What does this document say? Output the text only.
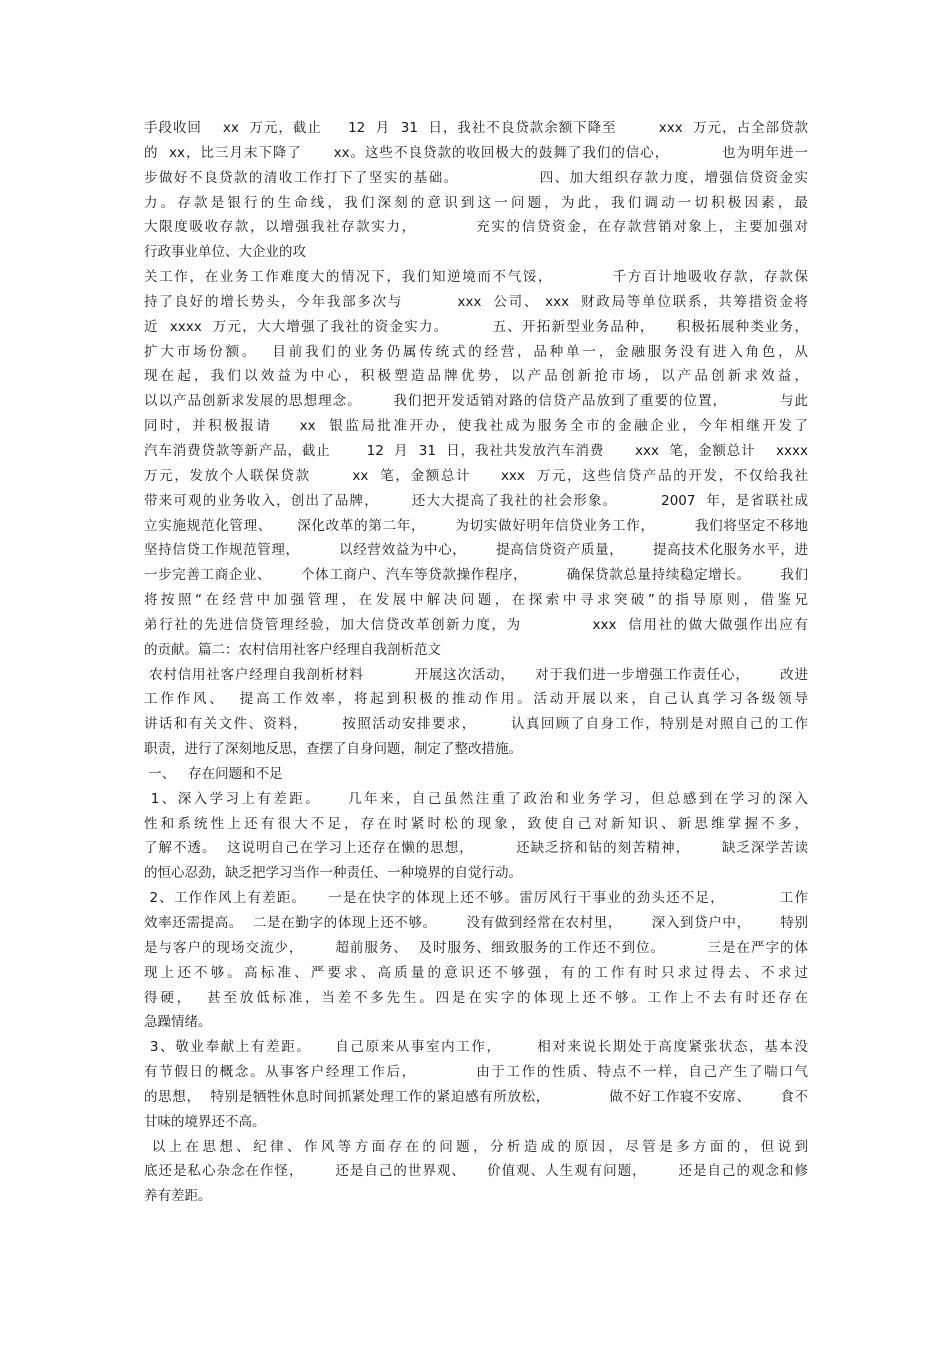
手段收回    xx  万元，截止     12  月  31  日，我社不良贷款余额下降至        xxx  万元，占全部贷款
的  xx，比三月末下降了      xx。这些不良贷款的收回极大的鼓舞了我们的信心，          也为明年进一
步做好不良贷款的清收工作打下了坚实的基础。              四、加大组织存款力度，增强信贷资金实
力。存款是银行的生命线，我们深刻的意识到这一问题，为此，我们调动一切积极因素，最
大限度吸收存款，以增强我社存款实力，          充实的信贷资金，在存款营销对象上，主要加强对
行政事业单位、大企业的攻
关工作，在业务工作难度大的情况下，我们知逆境而不气馁，          千方百计地吸收存款，存款保
持了良好的增长势头，今年我部多次与         xxx  公司、 xxx  财政局等单位联系，共筹措资金将
近  xxxx  万元，大大增强了我社的资金实力。        五、开拓新型业务品种，    积极拓展种类业务，
扩大市场份额。  目前我们的业务仍属传统式的经营，品种单一，金融服务没有进入角色，从
现在起，我们以效益为中心，积极塑造品牌优势，以产品创新抢市场，以产品创新求效益，
以以产品创新求发展的思想理念。      我们把开发适销对路的信贷产品放到了重要的位置，          与此
同时，并积极报请    xx  银监局批准开办，使我社成为服务全市的金融企业，今年相继开发了
汽车消费贷款等新产品，截止       12  月  31  日，我社共发放汽车消费      xxx  笔，金额总计    xxxx
万元，发放个人联保贷款       xx  笔，金额总计     xxx  万元，这些信贷产品的开发，不仅给我社
带来可观的业务收入，创出了品牌，      还大大提高了我社的社会形象。        2007  年，是省联社成
立实施规范化管理、     深化改革的第二年，      为切实做好明年信贷业务工作，        我们将坚定不移地
坚持信贷工作规范管理，        以经营效益为中心，      提高信贷资产质量，      提高技术化服务水平，进
一步完善工商企业、      个体工商户、汽车等贷款操作程序，        确保贷款总量持续稳定增长。      我们
将按照“在经营中加强管理，在发展中解决问题，在探索中寻求突破”的指导原则，借鉴兄
弟行社的先进信贷管理经验，加大信贷改革创新力度，为            xxx  信用社的做大做强作出应有
的贡献。篇二：农村信用社客户经理自我剖析范文
农村信用社客户经理自我剖析材料          开展这次活动，    对于我们进一步增强工作责任心，      改进
工作作风、  提高工作效率，将起到积极的推动作用。活动开展以来，自己认真学习各级领导
讲话和有关文件、资料，      按照活动安排要求，      认真回顾了自身工作，特别是对照自己的工作
职责，进行了深刻地反思，查摆了自身问题，制定了整改措施。
一、   存在问题和不足
1、深入学习上有差距。    几年来，自己虽然注重了政治和业务学习，但总感到在学习的深入
性和系统性上还有很大不足，存在时紧时松的现象，致使自己对新知识、新思维掌握不多，
了解不透。  这说明自己在学习上还存在懒的思想，        还缺乏挤和钻的刻苦精神，      缺乏深学苦读
的恒心忍劲，缺乏把学习当作一种责任、一种境界的自觉行动。
2、工作作风上有差距。    一是在快字的体现上还不够。雷厉风行干事业的劲头还不足，          工作
效率还需提高。  二是在勤字的体现上还不够。      没有做到经常在农村里，      深入到贷户中，      特别
是与客户的现场交流少，      超前服务、  及时服务、细致服务的工作还不到位。        三是在严字的体
现上还不够。高标准、严要求、高质量的意识还不够强，有的工作有时只求过得去、不求过
得硬，  甚至放低标准，当差不多先生。四是在实字的体现上还不够。工作上不去有时还存在
急躁情绪。
3、敬业奉献上有差距。    自己原来从事室内工作，      相对来说长期处于高度紧张状态，基本没
有节假日的概念。从事客户经理工作后，          由于工作的性质、特点不一样，自己产生了喘口气
的思想，  特别是牺牲休息时间抓紧处理工作的紧迫感有所放松，            做不好工作寝不安席、      食不
甘味的境界还不高。
以上在思想、纪律、作风等方面存在的问题，分析造成的原因，尽管是多方面的，但说到
底还是私心杂念在作怪，      还是自己的世界观、    价值观、人生观有问题，      还是自己的观念和修
养有差距。
